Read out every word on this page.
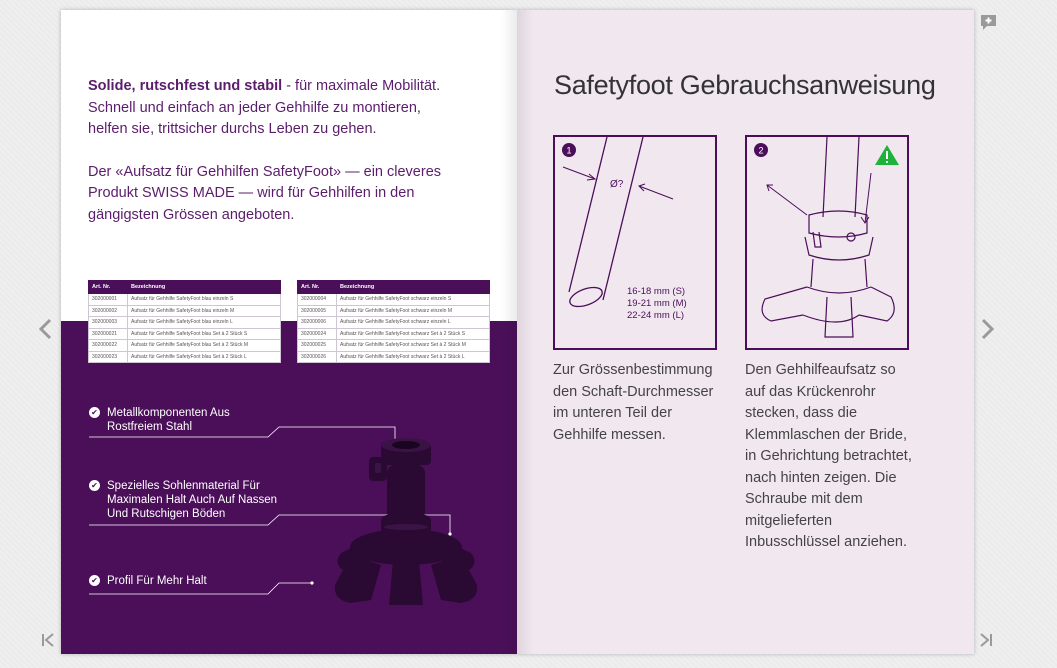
Solide, rutschfest und stabil - für maximale Mobilität. Schnell und einfach an jeder Gehhilfe zu montieren, helfen sie, trittsicher durchs Leben zu gehen.

Der «Aufsatz für Gehhilfen SafetyFoot» — ein cleveres Produkt SWISS MADE — wird für Gehhilfen in den gängigsten Grössen angeboten.

Art. Nr.	Bezeichnung
302000001	Aufsatz für Gehhilfe SafetyFoot blau einzeln S
302000002	Aufsatz für Gehhilfe SafetyFoot blau einzeln M
302000003	Aufsatz für Gehhilfe SafetyFoot blau einzeln L
302000021	Aufsatz für Gehhilfe SafetyFoot blau Set à 2 Stück S
302000022	Aufsatz für Gehhilfe SafetyFoot blau Set à 2 Stück M
302000023	Aufsatz für Gehhilfe SafetyFoot blau Set à 2 Stück L
Art. Nr.	Bezeichnung
302000004	Aufsatz für Gehhilfe SafetyFoot schwarz einzeln S
302000005	Aufsatz für Gehhilfe SafetyFoot schwarz einzeln M
302000006	Aufsatz für Gehhilfe SafetyFoot schwarz einzeln L
302000024	Aufsatz für Gehhilfe SafetyFoot schwarz Set à 2 Stück S
302000025	Aufsatz für Gehhilfe SafetyFoot schwarz Set à 2 Stück M
302000026	Aufsatz für Gehhilfe SafetyFoot schwarz Set à 2 Stück L
✔ Metallkomponenten Aus Rostfreiem Stahl
✔ Spezielles Sohlenmaterial Für Maximalen Halt Auch Auf Nassen Und Rutschigen Böden
✔ Profil Für Mehr Halt
Safetyfoot Gebrauchsanweisung
1
Ø?
16-18 mm (S)
19-21 mm (M)
22-24 mm (L)
2
Zur Grössenbestimmung den Schaft-Durchmesser im unteren Teil der Gehhilfe messen.
Den Gehhilfeaufsatz so auf das Krückenrohr stecken, dass die Klemmlaschen der Bride, in Gehrichtung betrachtet, nach hinten zeigen. Die Schraube mit dem mitgelieferten Inbusschlüssel anziehen.
